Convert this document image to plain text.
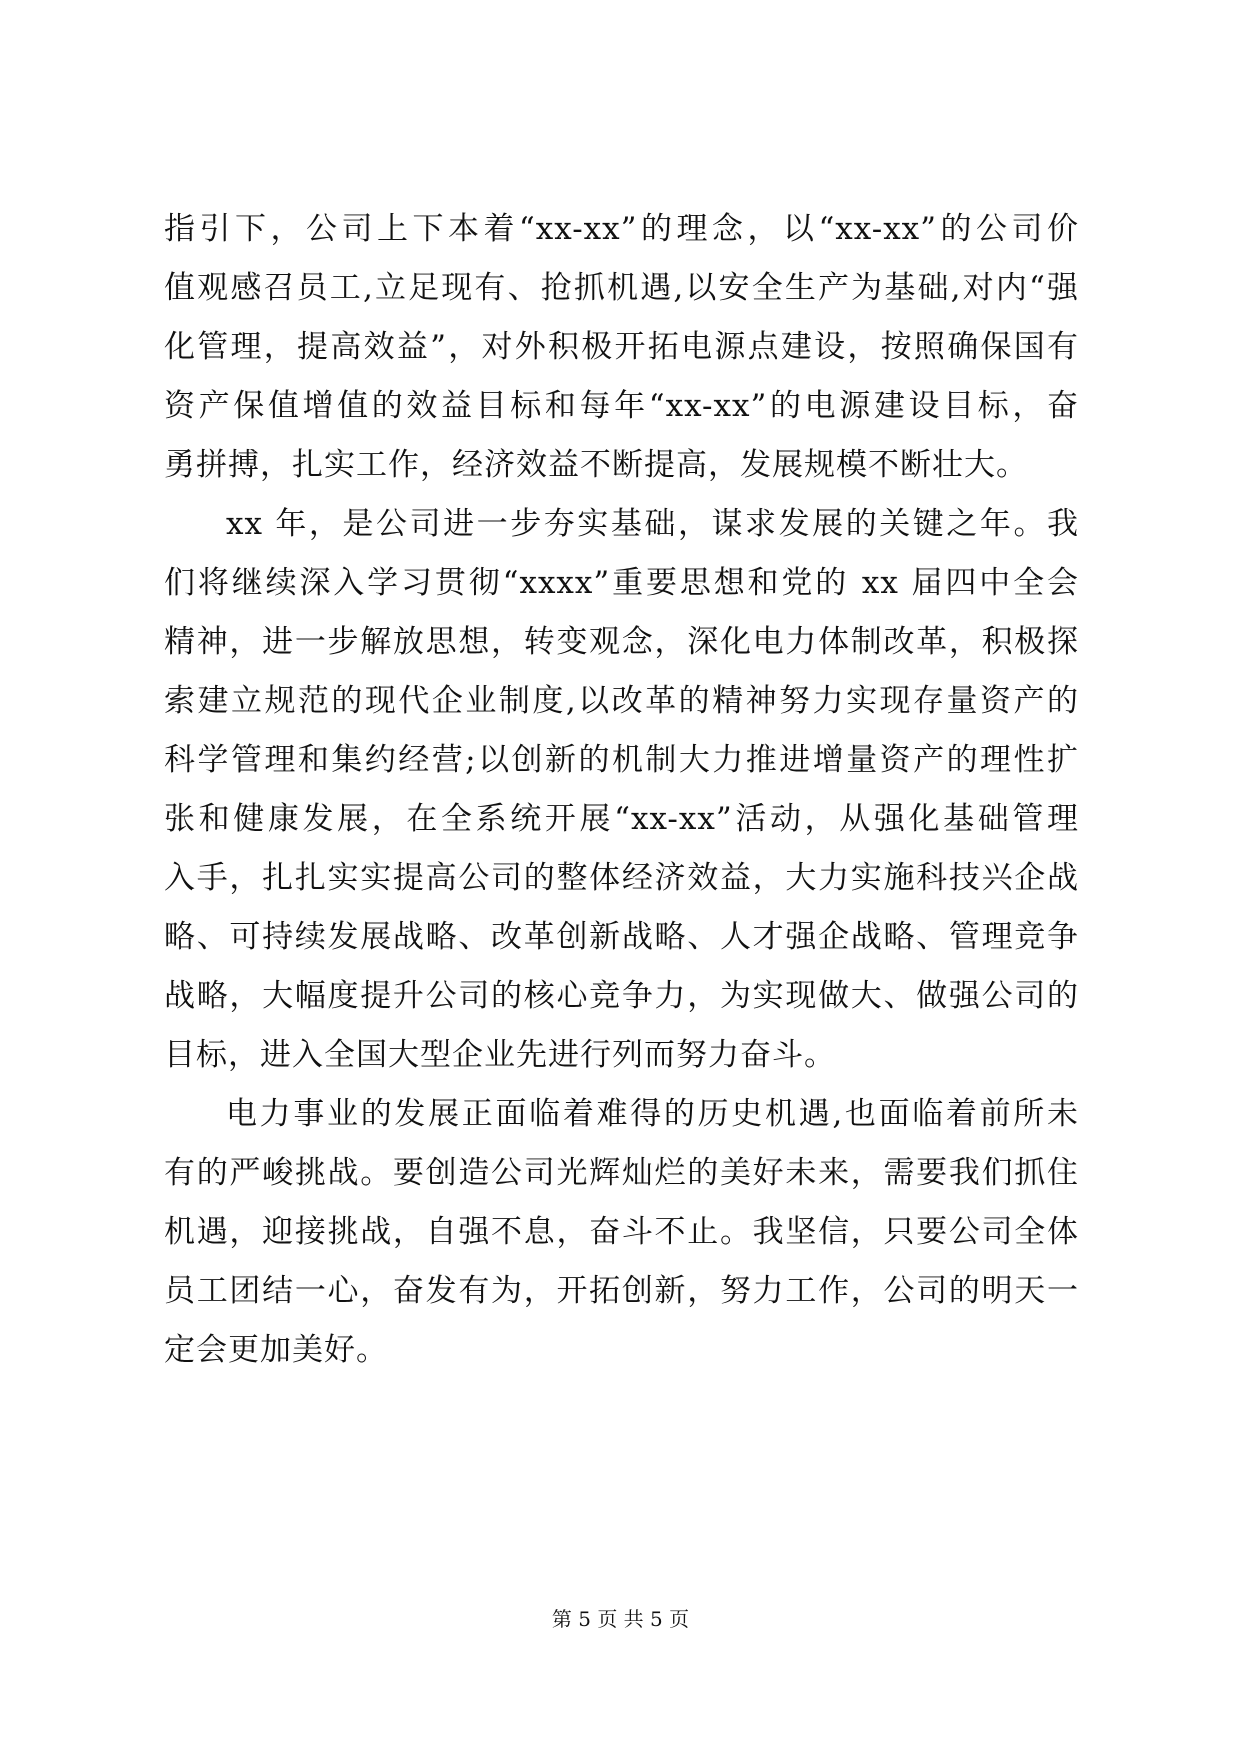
指引下，公司上下本着“xx-xx”的理念，以“xx-xx”的公司价
值观感召员工,立足现有、抢抓机遇,以安全生产为基础,对内“强
化管理，提高效益”，对外积极开拓电源点建设，按照确保国有
资产保值增值的效益目标和每年“xx-xx”的电源建设目标，奋
勇拼搏，扎实工作，经济效益不断提高，发展规模不断壮大。
xx 年，是公司进一步夯实基础，谋求发展的关键之年。我
们将继续深入学习贯彻“xxxx”重要思想和党的 xx 届四中全会
精神，进一步解放思想，转变观念，深化电力体制改革，积极探
索建立规范的现代企业制度,以改革的精神努力实现存量资产的
科学管理和集约经营;以创新的机制大力推进增量资产的理性扩
张和健康发展，在全系统开展“xx-xx”活动，从强化基础管理
入手，扎扎实实提高公司的整体经济效益，大力实施科技兴企战
略、可持续发展战略、改革创新战略、人才强企战略、管理竞争
战略，大幅度提升公司的核心竞争力，为实现做大、做强公司的
目标，进入全国大型企业先进行列而努力奋斗。
电力事业的发展正面临着难得的历史机遇,也面临着前所未
有的严峻挑战。要创造公司光辉灿烂的美好未来，需要我们抓住
机遇，迎接挑战，自强不息，奋斗不止。我坚信，只要公司全体
员工团结一心，奋发有为，开拓创新，努力工作，公司的明天一
定会更加美好。
第 5 页 共 5 页
